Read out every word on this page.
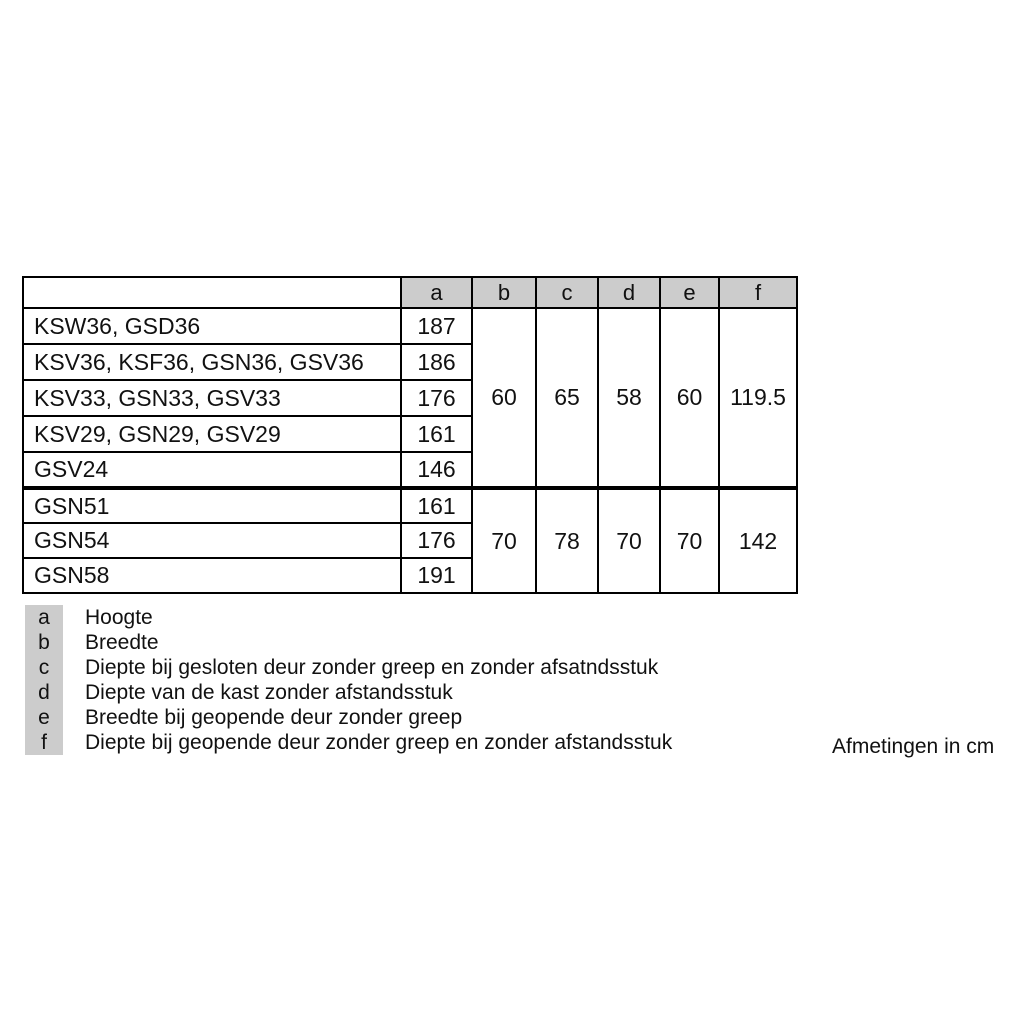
	a	b	c	d	e	f
KSW36, GSD36	187	60	65	58	60	119.5
KSV36, KSF36, GSN36, GSV36	186					
KSV33, GSN33, GSV33	176					
KSV29, GSN29, GSV29	161					
GSV24	146					
GSN51	161	70	78	70	70	142
GSN54	176					
GSN58	191					
a	Hoogte
b	Breedte
c	Diepte bij gesloten deur zonder greep en zonder afsatndsstuk
d	Diepte van de kast zonder afstandsstuk
e	Breedte bij geopende deur zonder greep
f	Diepte bij geopende deur zonder greep en zonder afstandsstuk	Afmetingen in cm
